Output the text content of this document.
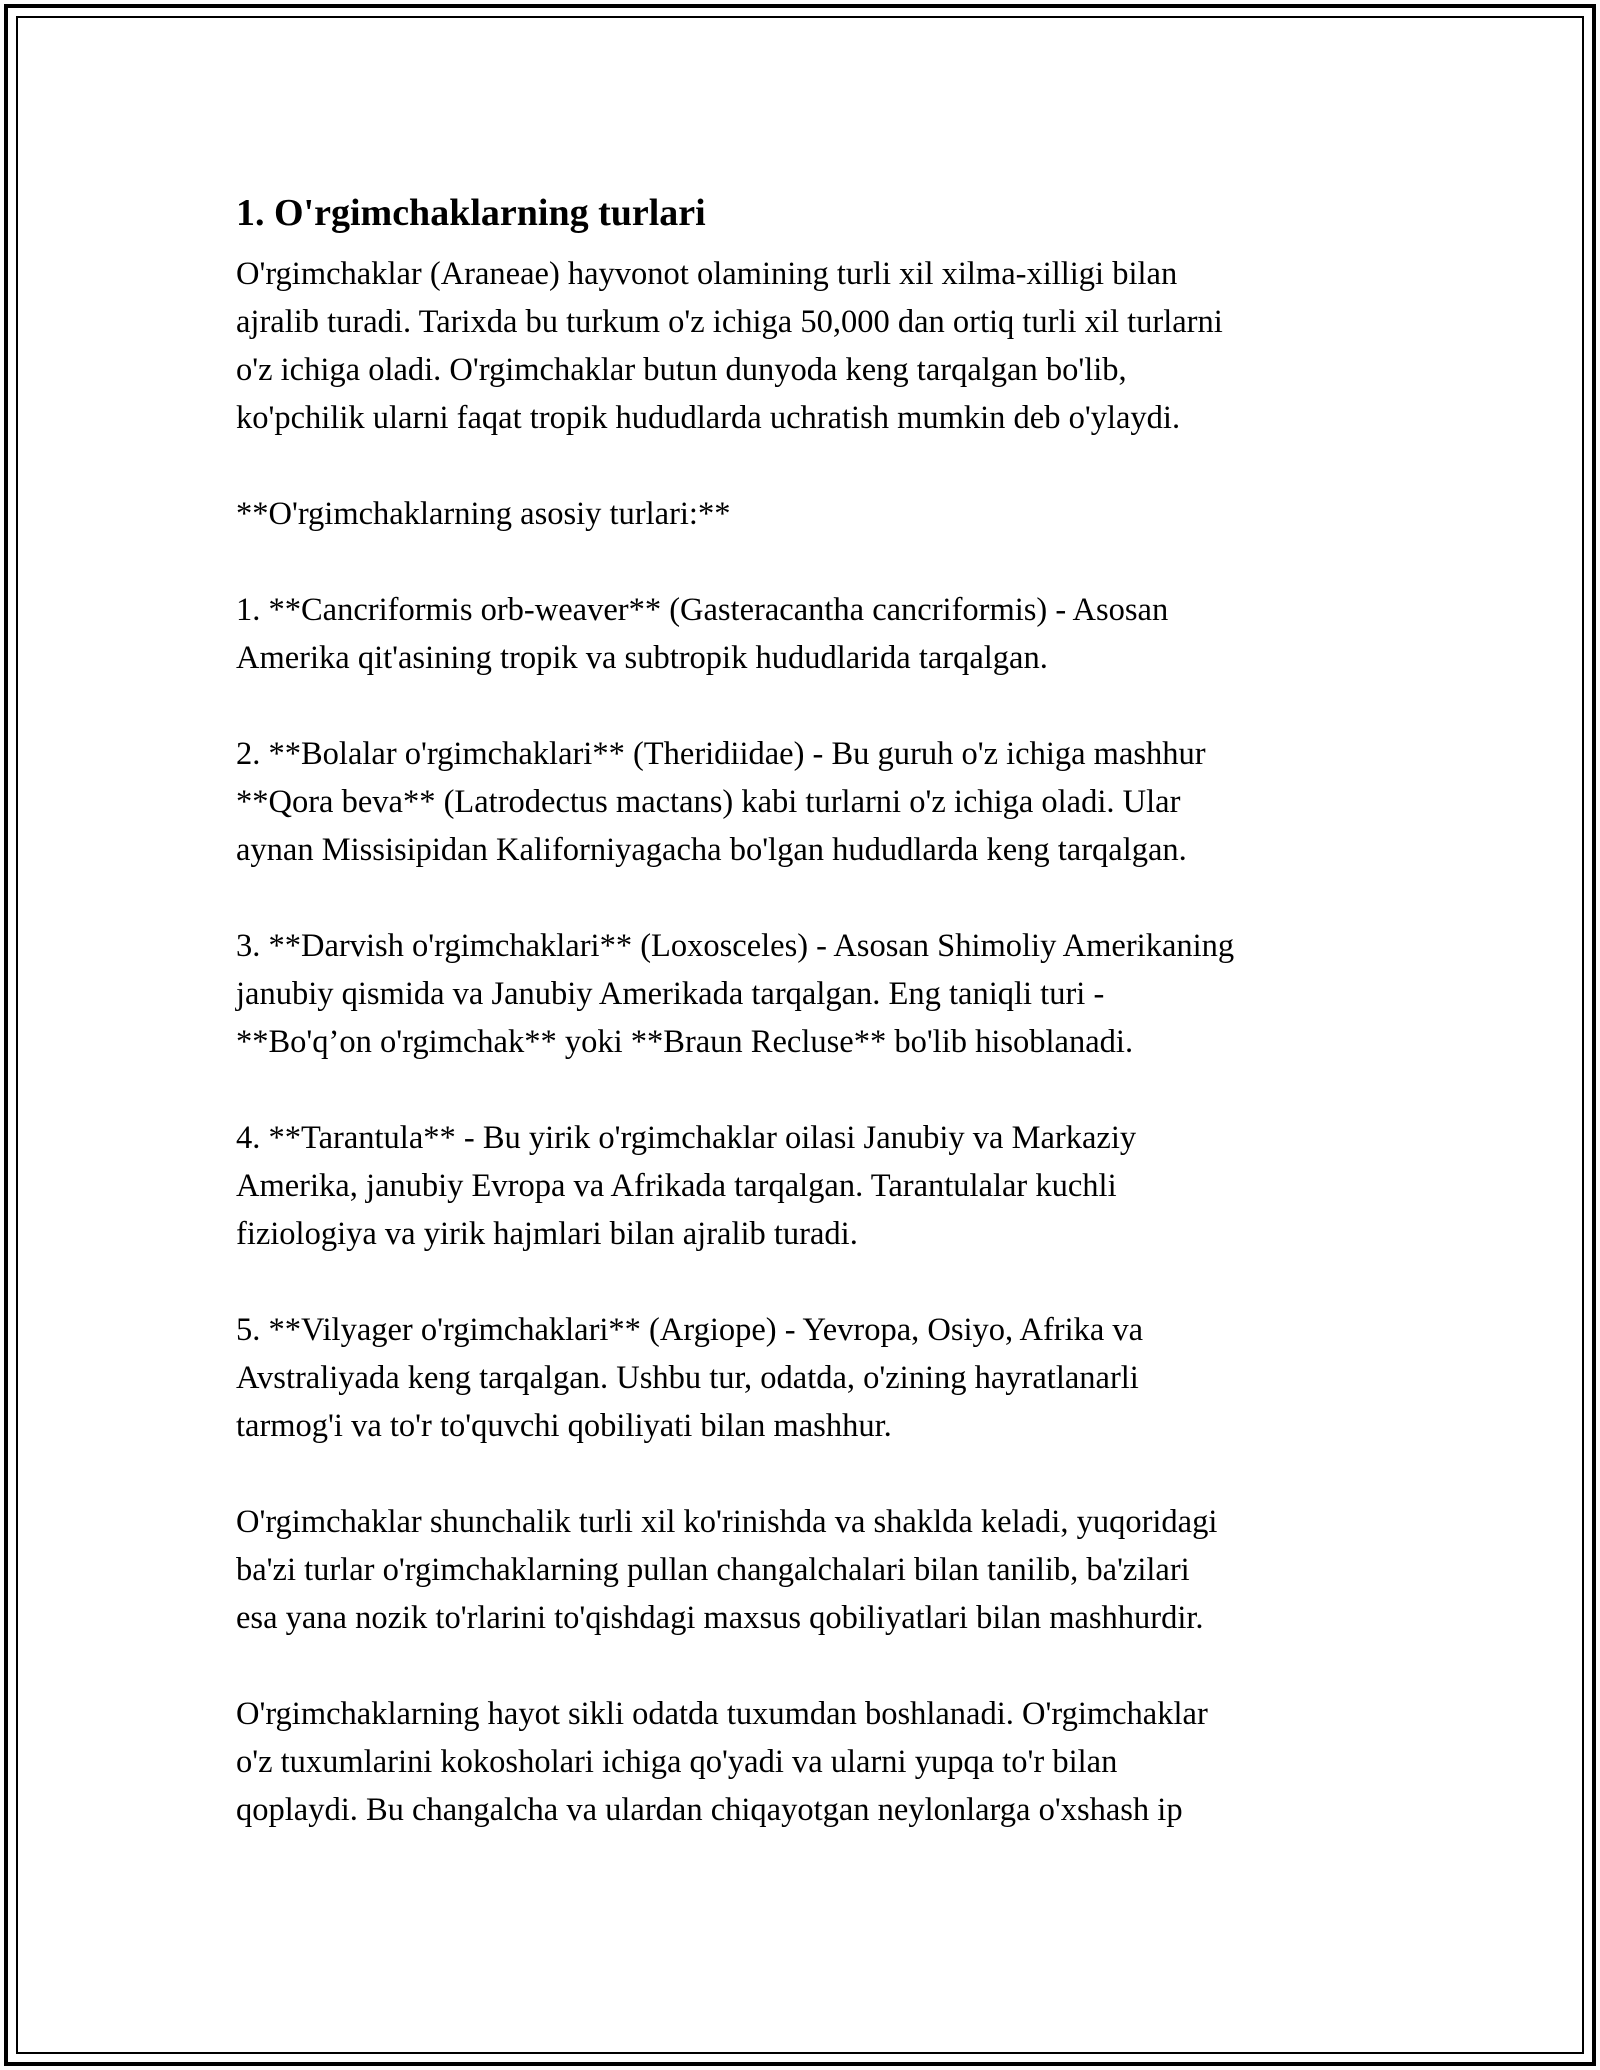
1. O'rgimchaklarning turlari
O'rgimchaklar (Araneae) hayvonot olamining turli xil xilma-xilligi bilan
ajralib turadi. Tarixda bu turkum o'z ichiga 50,000 dan ortiq turli xil turlarni
o'z ichiga oladi. O'rgimchaklar butun dunyoda keng tarqalgan bo'lib,
ko'pchilik ularni faqat tropik hududlarda uchratish mumkin deb o'ylaydi.
**O'rgimchaklarning asosiy turlari:**
1. **Cancriformis orb-weaver** (Gasteracantha cancriformis) - Asosan
Amerika qit'asining tropik va subtropik hududlarida tarqalgan.
2. **Bolalar o'rgimchaklari** (Theridiidae) - Bu guruh o'z ichiga mashhur
**Qora beva** (Latrodectus mactans) kabi turlarni o'z ichiga oladi. Ular
aynan Missisipidan Kaliforniyagacha bo'lgan hududlarda keng tarqalgan.
3. **Darvish o'rgimchaklari** (Loxosceles) - Asosan Shimoliy Amerikaning
janubiy qismida va Janubiy Amerikada tarqalgan. Eng taniqli turi -
**Bo'q’on o'rgimchak** yoki **Braun Recluse** bo'lib hisoblanadi.
4. **Tarantula** - Bu yirik o'rgimchaklar oilasi Janubiy va Markaziy
Amerika, janubiy Evropa va Afrikada tarqalgan. Tarantulalar kuchli
fiziologiya va yirik hajmlari bilan ajralib turadi.
5. **Vilyager o'rgimchaklari** (Argiope) - Yevropa, Osiyo, Afrika va
Avstraliyada keng tarqalgan. Ushbu tur, odatda, o'zining hayratlanarli
tarmog'i va to'r to'quvchi qobiliyati bilan mashhur.
O'rgimchaklar shunchalik turli xil ko'rinishda va shaklda keladi, yuqoridagi
ba'zi turlar o'rgimchaklarning pullan changalchalari bilan tanilib, ba'zilari
esa yana nozik to'rlarini to'qishdagi maxsus qobiliyatlari bilan mashhurdir.
O'rgimchaklarning hayot sikli odatda tuxumdan boshlanadi. O'rgimchaklar
o'z tuxumlarini kokosholari ichiga qo'yadi va ularni yupqa to'r bilan
qoplaydi. Bu changalcha va ulardan chiqayotgan neylonlarga o'xshash ip
